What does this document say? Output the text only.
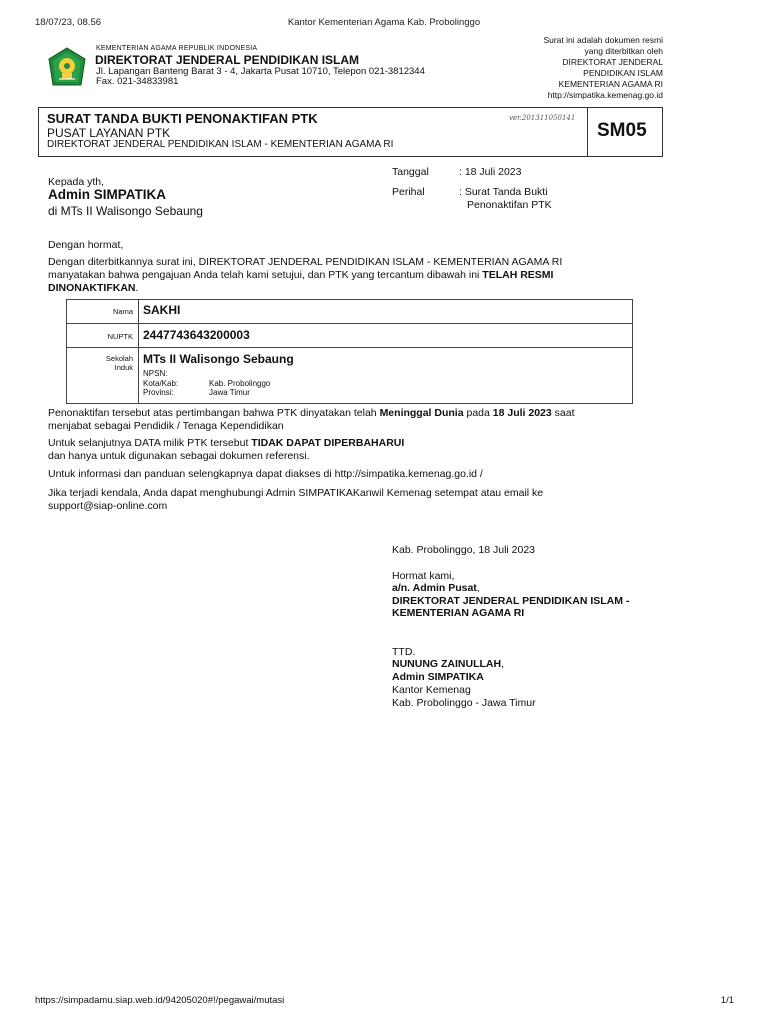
18/07/23, 08.56	Kantor Kementerian Agama Kab. Probolinggo
KEMENTERIAN AGAMA REPUBLIK INDONESIA
DIREKTORAT JENDERAL PENDIDIKAN ISLAM
Jl. Lapangan Banteng Barat 3 - 4, Jakarta Pusat 10710, Telepon 021-3812344
Fax. 021-34833981
Surat ini adalah dokumen resmi
yang diterbitkan oleh
DIREKTORAT JENDERAL
PENDIDIKAN ISLAM
KEMENTERIAN AGAMA RI
http://simpatika.kemenag.go.id
SURAT TANDA BUKTI PENONAKTIFAN PTK
PUSAT LAYANAN PTK
DIREKTORAT JENDERAL PENDIDIKAN ISLAM - KEMENTERIAN AGAMA RI
ver.201311050141
SM05
Kepada yth,
Admin SIMPATIKA
di MTs II Walisongo Sebaung
Tanggal	: 18 Juli 2023
Perihal	: Surat Tanda Bukti
Penonaktifan PTK
Dengan hormat,
Dengan diterbitkannya surat ini, DIREKTORAT JENDERAL PENDIDIKAN ISLAM - KEMENTERIAN AGAMA RI
manyatakan bahwa pengajuan Anda telah kami setujui, dan PTK yang tercantum dibawah ini TELAH RESMI
DINONAKTIFKAN.
Nama SAKHI
NUPTK 2447743643200003
Sekolah
Induk
MTs II Walisongo Sebaung
NPSN:
Kota/Kab:	Kab. Probolinggo
Provinsi:	Jawa Timur
Penonaktifan tersebut atas pertimbangan bahwa PTK dinyatakan telah Meninggal Dunia pada 18 Juli 2023 saat
menjabat sebagai Pendidik / Tenaga Kependidikan
Untuk selanjutnya DATA milik PTK tersebut TIDAK DAPAT DIPERBAHARUI
dan hanya untuk digunakan sebagai dokumen referensi.
Untuk informasi dan panduan selengkapnya dapat diakses di http://simpatika.kemenag.go.id /
Jika terjadi kendala, Anda dapat menghubungi Admin SIMPATIKAKanwil Kemenag setempat atau email ke
support@siap-online.com
Kab. Probolinggo, 18 Juli 2023
Hormat kami,
a/n. Admin Pusat,
DIREKTORAT JENDERAL PENDIDIKAN ISLAM -
KEMENTERIAN AGAMA RI
TTD.
NUNUNG ZAINULLAH,
Admin SIMPATIKA
Kantor Kemenag
Kab. Probolinggo - Jawa Timur
https://simpadamu.siap.web.id/94205020#!/pegawai/mutasi	1/1
